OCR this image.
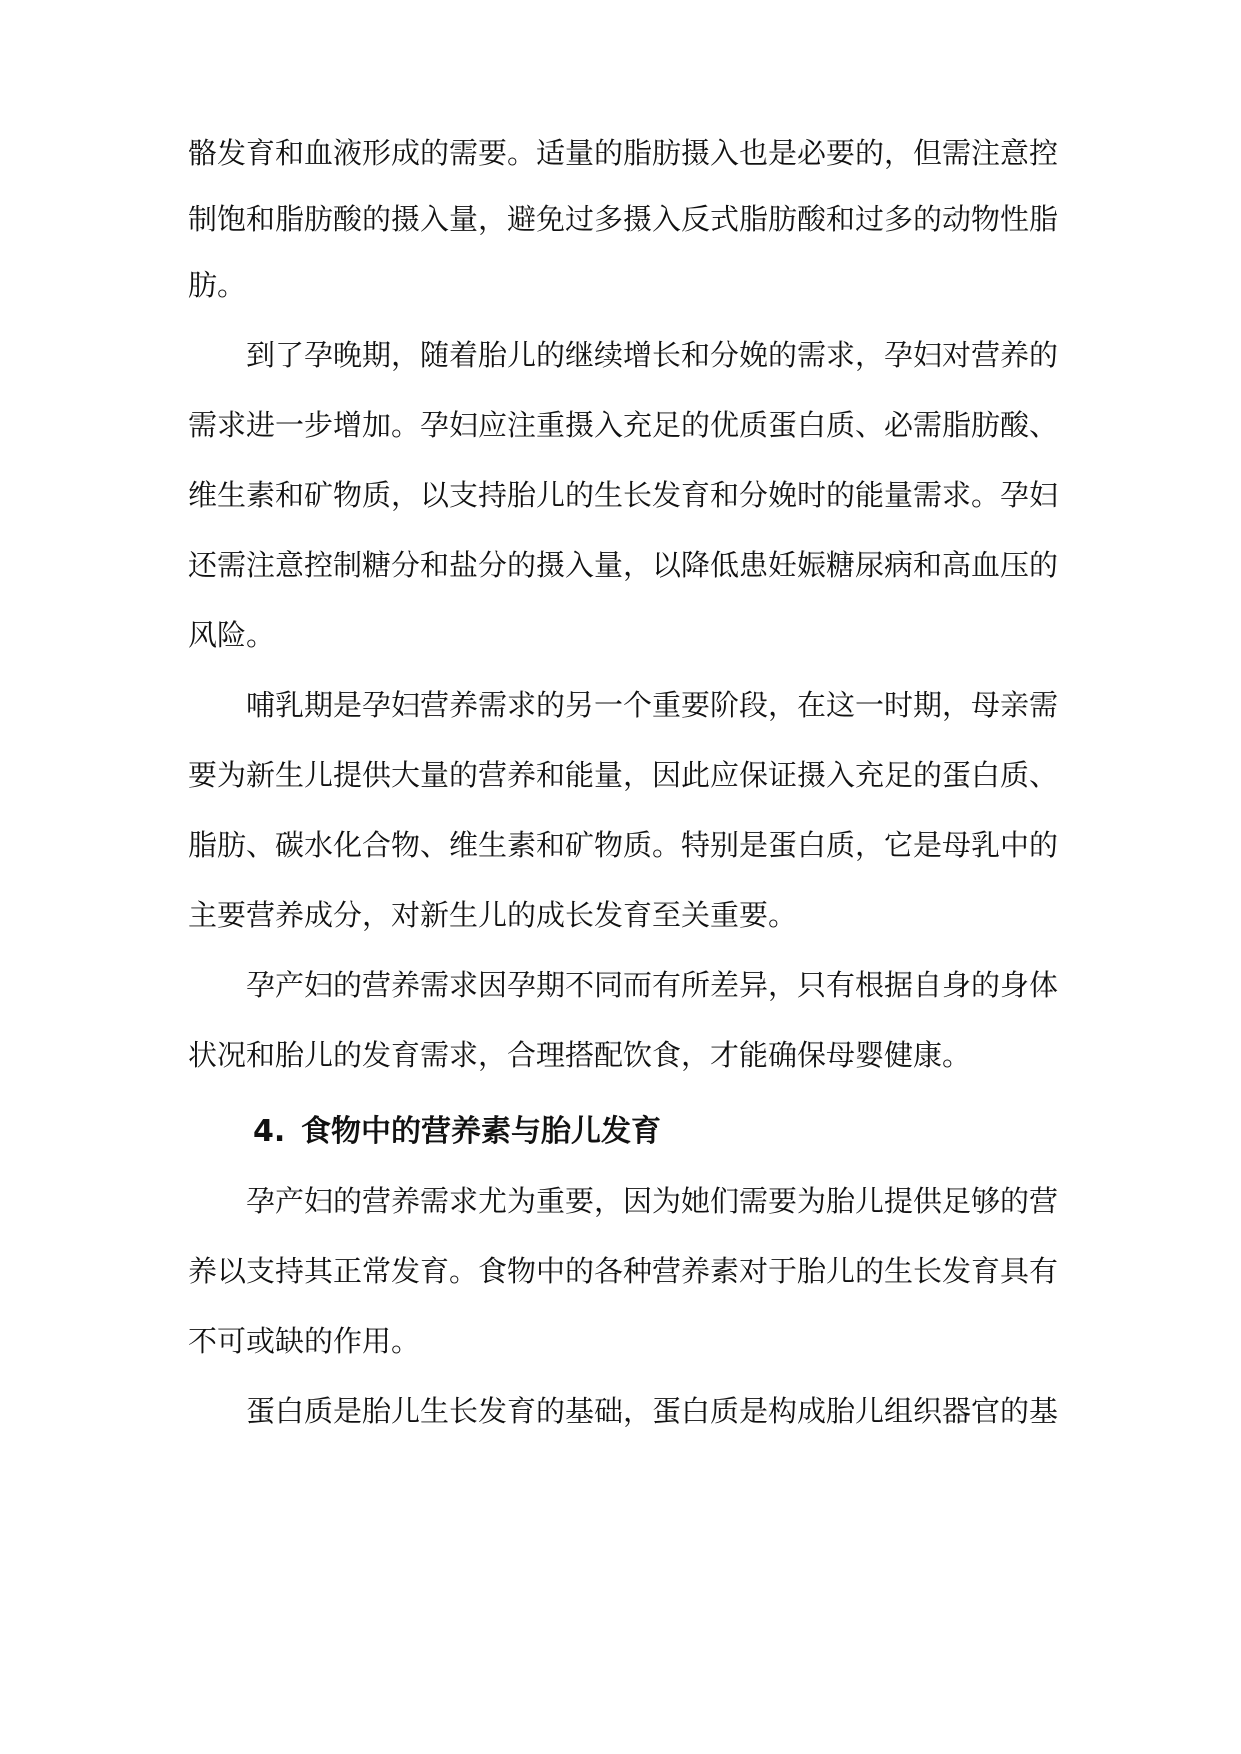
骼发育和血液形成的需要。适量的脂肪摄入也是必要的，但需注意控
制饱和脂肪酸的摄入量，避免过多摄入反式脂肪酸和过多的动物性脂
肪。
　　到了孕晚期，随着胎儿的继续增长和分娩的需求，孕妇对营养的
需求进一步增加。孕妇应注重摄入充足的优质蛋白质、必需脂肪酸、
维生素和矿物质，以支持胎儿的生长发育和分娩时的能量需求。孕妇
还需注意控制糖分和盐分的摄入量，以降低患妊娠糖尿病和高血压的
风险。
　　哺乳期是孕妇营养需求的另一个重要阶段，在这一时期，母亲需
要为新生儿提供大量的营养和能量，因此应保证摄入充足的蛋白质、
脂肪、碳水化合物、维生素和矿物质。特别是蛋白质，它是母乳中的
主要营养成分，对新生儿的成长发育至关重要。
　　孕产妇的营养需求因孕期不同而有所差异，只有根据自身的身体
状况和胎儿的发育需求，合理搭配饮食，才能确保母婴健康。
4. 食物中的营养素与胎儿发育
　　孕产妇的营养需求尤为重要，因为她们需要为胎儿提供足够的营
养以支持其正常发育。食物中的各种营养素对于胎儿的生长发育具有
不可或缺的作用。
　　蛋白质是胎儿生长发育的基础，蛋白质是构成胎儿组织器官的基
